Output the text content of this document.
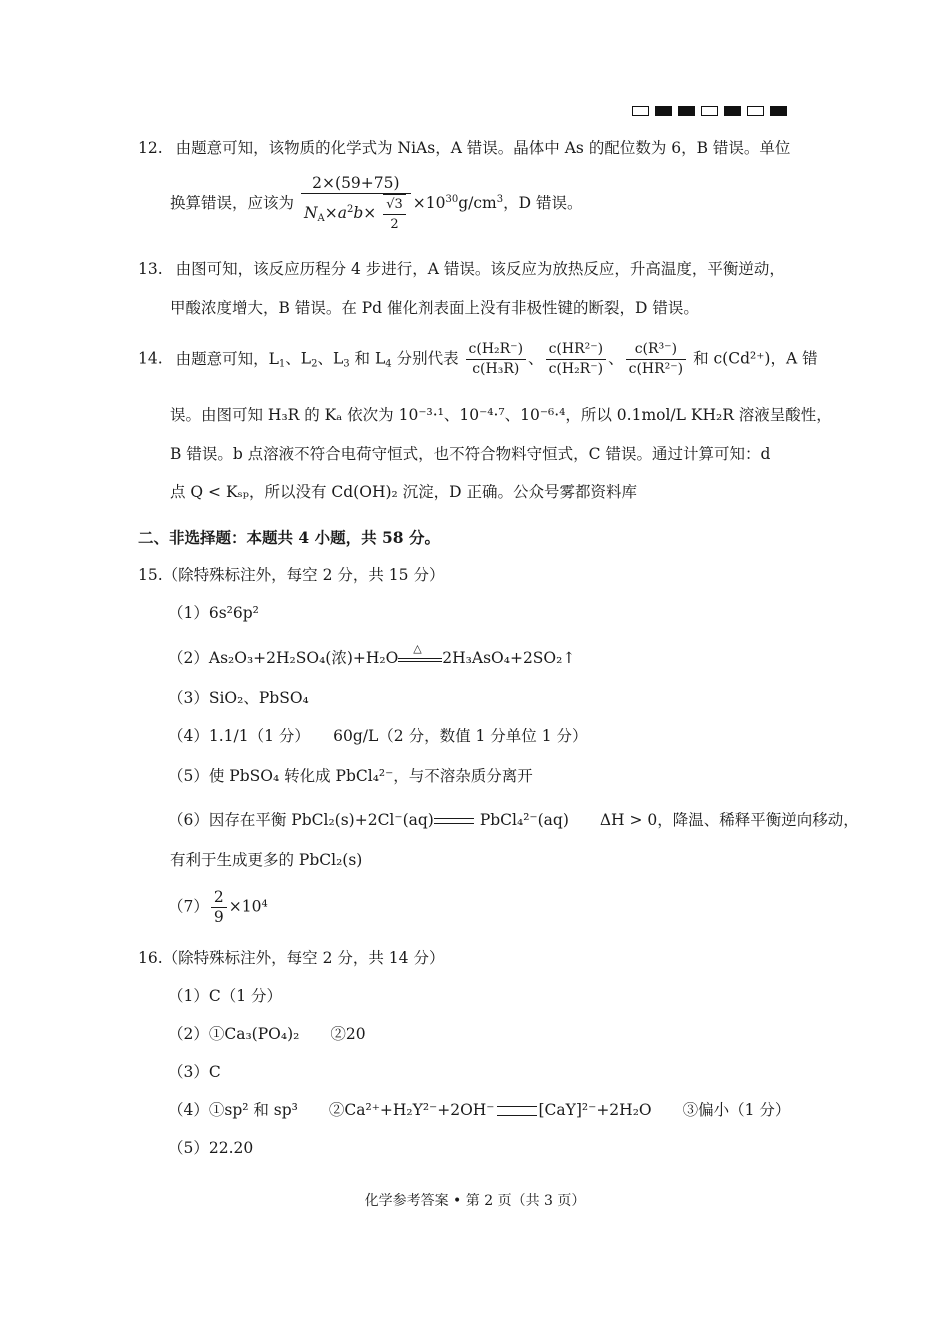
12. 由题意可知，该物质的化学式为 NiAs，A 错误。晶体中 As 的配位数为 6，B 错误。单位
换算错误，应该为 $\frac{2\times(59+75)}{N_A\times a^2b\times \frac{√3}{2}} \times 10^{30}g/cm^3$，D 错误。
13. 由图可知，该反应历程分 4 步进行，A 错误。该反应为放热反应，升高温度，平衡逆动，
甲酸浓度增大，B 错误。在 Pd 催化剂表面上没有非极性键的断裂，D 错误。
14. 由题意可知，$L_1$、$L_2$、$L_3$ 和 $L_4$ 分别代表 $\frac{\text{c(H₂R⁻)}}{\text{c(H₃R)}}$ 、 $\frac{\text{c(HR²⁻)}}{\text{c(H₂R⁻)}}$ 、 $\frac{\text{c(R³⁻)}}{\text{c(HR²⁻)}}$ 和 c(Cd²⁺)，A 错
误。由图可知 H₃R 的 Kₐ 依次为 10⁻³·¹、10⁻⁴·⁷、10⁻⁶·⁴，所以 0.1mol/L KH₂R 溶液呈酸性，
B 错误。b 点溶液不符合电荷守恒式，也不符合物料守恒式，C 错误。通过计算可知：d
点 Q < Kₛₚ，所以没有 Cd(OH)₂ 沉淀，D 正确。公众号雾都资料库
二、非选择题：本题共 4 小题，共 58 分。
15.（除特殊标注外，每空 2 分，共 15 分）
（1）6s²6p²
（2）As₂O₃+2H₂SO₄(浓)+H₂O
△
2H₃AsO₄+2SO₂↑
（3）SiO₂、PbSO₄
（4）1.1/1（1 分）　　60g/L（2 分，数值 1 分单位 1 分）
（5）使 PbSO₄ 转化成 PbCl₄²⁻，与不溶杂质分离开
（6）因存在平衡 PbCl₂(s)+2Cl⁻(aq)	PbCl₄²⁻(aq)　　ΔH > 0，降温、稀释平衡逆向移动，
有利于生成更多的 PbCl₂(s)
$(7) \frac{2}{9} \times 10^4$
16.（除特殊标注外，每空 2 分，共 14 分）
（1）C（1 分）
（2）①Ca₃(PO₄)₂　　②20
（3）C
（4）①sp² 和 sp³　　②Ca²⁺+H₂Y²⁻+2OH⁻	[CaY]²⁻+2H₂O　　③偏小（1 分）
（5）22.20
化学参考答案 • 第 2 页（共 3 页）
